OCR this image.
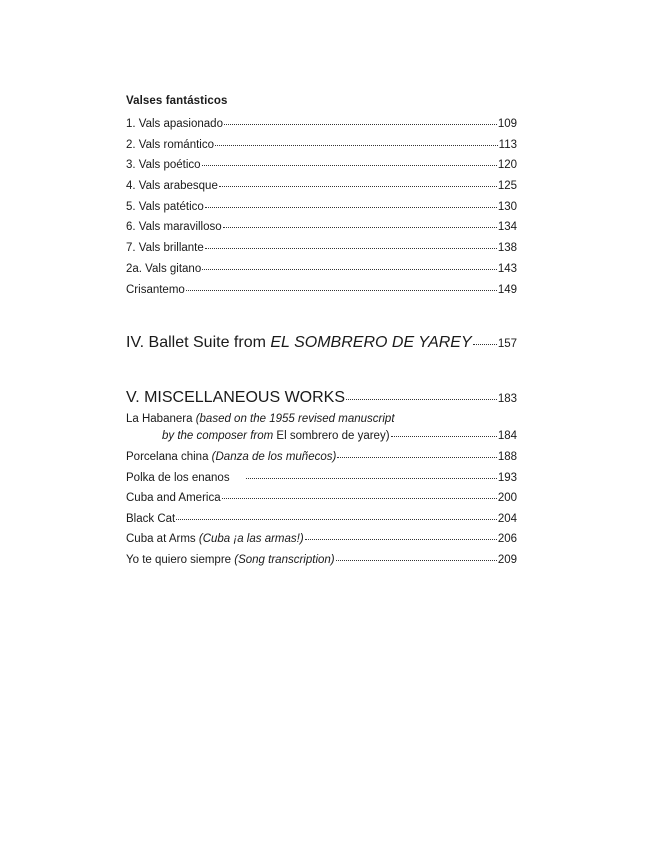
Valses fantásticos
1. Vals apasionado	109
2. Vals romántico	113
3. Vals poético	120
4. Vals arabesque	125
5. Vals patético	130
6. Vals maravilloso	134
7. Vals brillante	138
2a. Vals gitano	143
Crisantemo	149
IV. Ballet Suite from EL SOMBRERO DE YAREY 157
V. MISCELLANEOUS WORKS	183
La Habanera (based on the 1955 revised manuscript
by the composer from El sombrero de yarey)	184
Porcelana china (Danza de los muñecos)	188
Polka de los enanos	193
Cuba and America	200
Black Cat	204
Cuba at Arms (Cuba ¡a las armas!)	206
Yo te quiero siempre (Song transcription)	209
